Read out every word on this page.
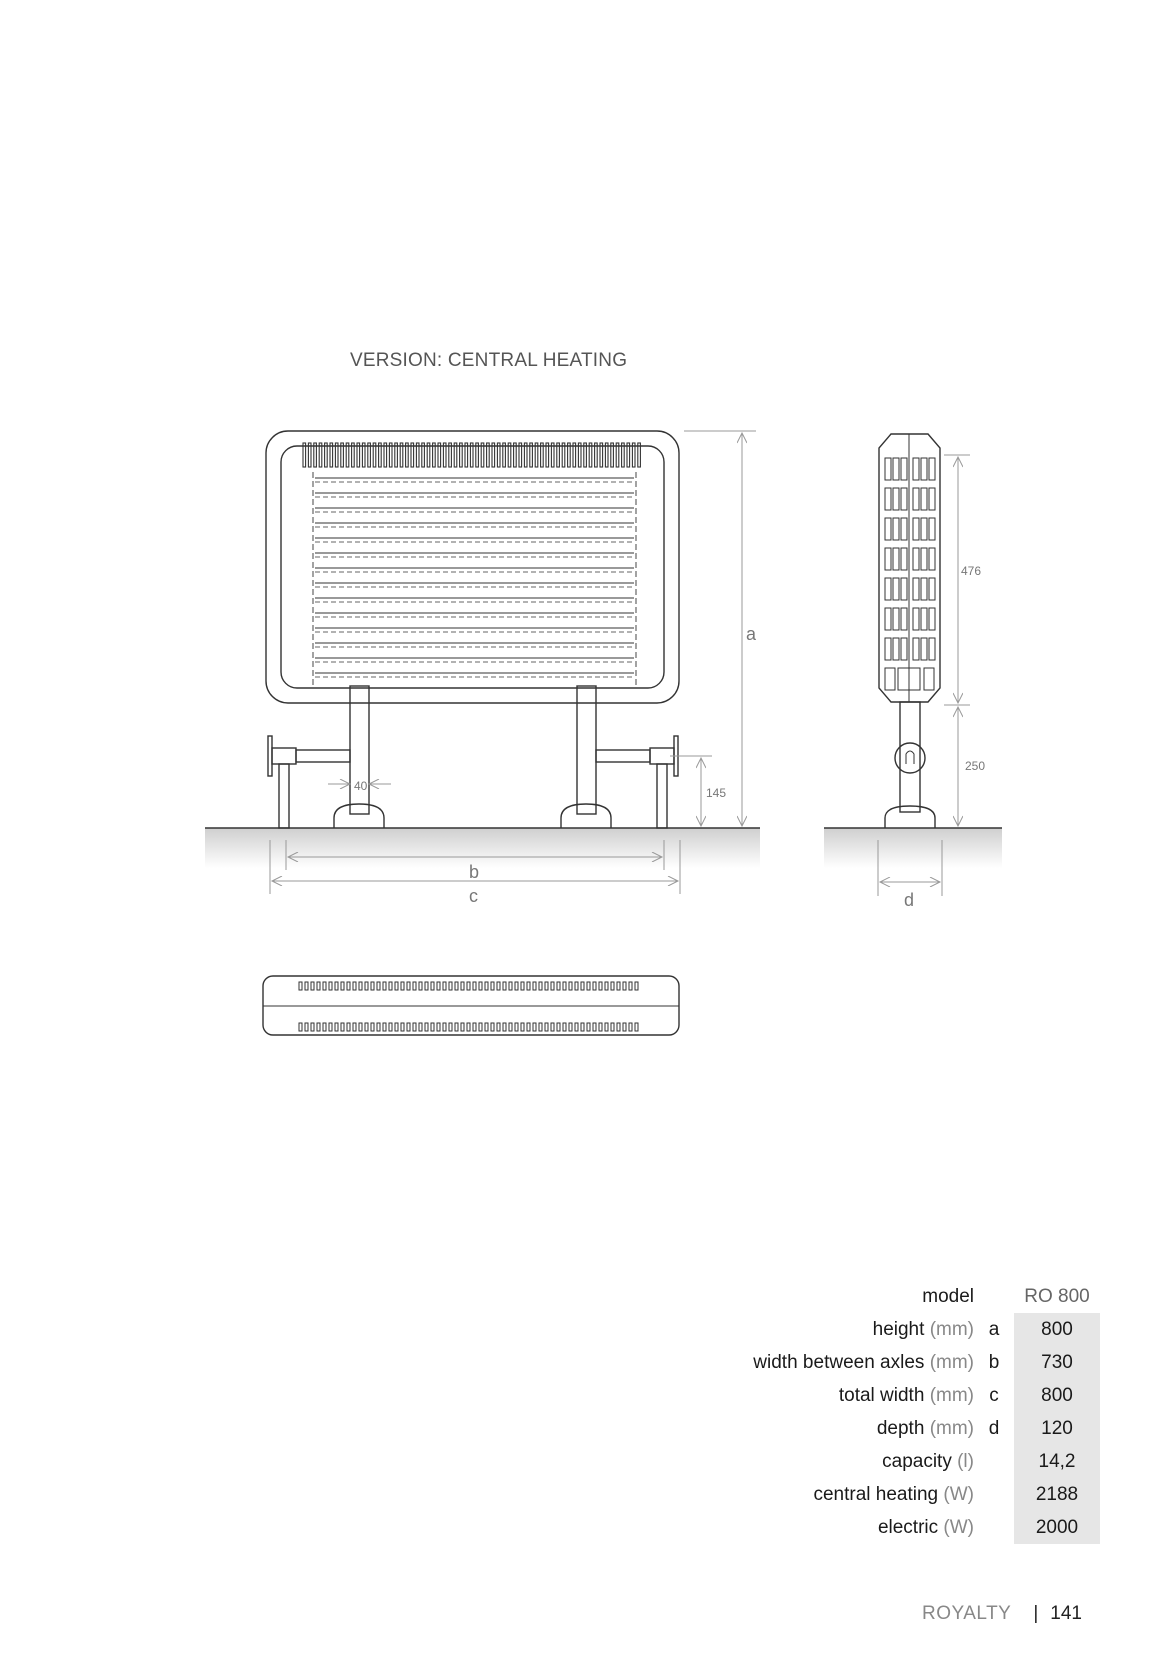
VERSION: CENTRAL HEATING
a
145
40
b
c
476
250
d
model		RO 800
height (mm)	a	800
width between axles (mm)	b	730
total width (mm)	c	800
depth (mm)	d	120
capacity (l)		14,2
central heating (W)		2188
electric (W)		2000
ROYALTY | 141
